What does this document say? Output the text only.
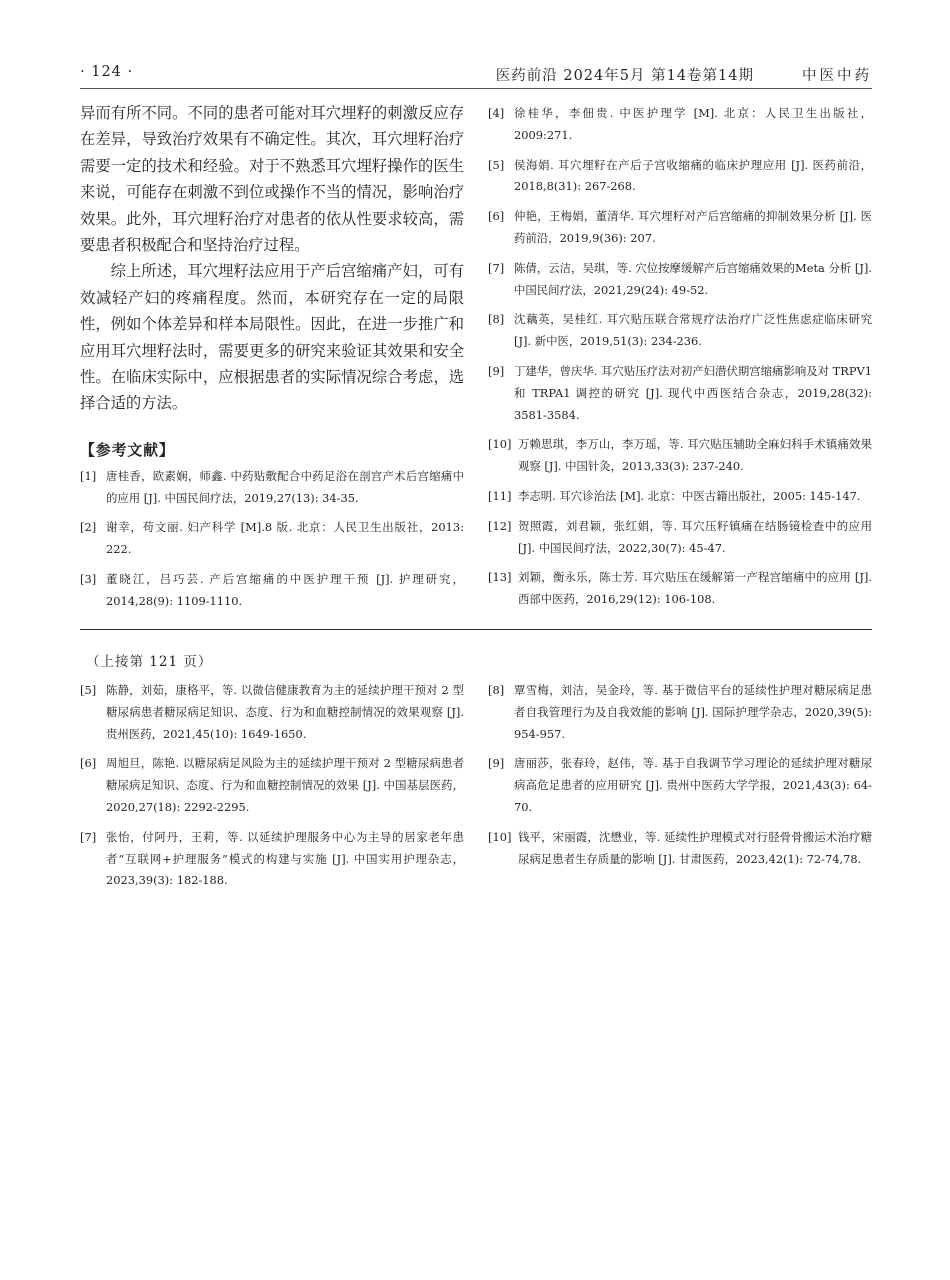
· 124 ·	医药前沿 2024年5月 第14卷第14期	中医中药

异而有所不同。不同的患者可能对耳穴埋籽的刺激反应存在差异，导致治疗效果有不确定性。其次，耳穴埋籽治疗需要一定的技术和经验。对于不熟悉耳穴埋籽操作的医生来说，可能存在刺激不到位或操作不当的情况，影响治疗效果。此外，耳穴埋籽治疗对患者的依从性要求较高，需要患者积极配合和坚持治疗过程。

综上所述，耳穴埋籽法应用于产后宫缩痛产妇，可有效减轻产妇的疼痛程度。然而，本研究存在一定的局限性，例如个体差异和样本局限性。因此，在进一步推广和应用耳穴埋籽法时，需要更多的研究来验证其效果和安全性。在临床实际中，应根据患者的实际情况综合考虑，选择合适的方法。

【参考文献】
[1] 唐桂香，欧素娴，师鑫. 中药贴敷配合中药足浴在剖宫产术后宫缩痛中的应用 [J]. 中国民间疗法，2019,27(13): 34-35.
[2] 谢幸，苟文丽. 妇产科学 [M].8 版. 北京：人民卫生出版社，2013: 222.
[3] 董晓江，吕巧芸. 产后宫缩痛的中医护理干预 [J]. 护理研究，2014,28(9): 1109-1110.
[4] 徐桂华，李佃贵. 中医护理学 [M]. 北京：人民卫生出版社，2009:271.
[5] 侯海娟. 耳穴埋籽在产后子宫收缩痛的临床护理应用 [J]. 医药前沿，2018,8(31): 267-268.
[6] 仲艳，王梅娟，董清华. 耳穴埋籽对产后宫缩痛的抑制效果分析 [J]. 医药前沿，2019,9(36): 207.
[7] 陈倩，云洁，吴琪，等. 穴位按摩缓解产后宫缩痛效果的Meta 分析 [J]. 中国民间疗法，2021,29(24): 49-52.
[8] 沈藕英，吴桂红. 耳穴贴压联合常规疗法治疗广泛性焦虑症临床研究 [J]. 新中医，2019,51(3): 234-236.
[9] 丁建华，曾庆华. 耳穴贴压疗法对初产妇潜伏期宫缩痛影响及对 TRPV1 和 TRPA1 调控的研究 [J]. 现代中西医结合杂志，2019,28(32): 3581-3584.
[10] 万赖思琪，李万山，李万瑶，等. 耳穴贴压辅助全麻妇科手术镇痛效果观察 [J]. 中国针灸，2013,33(3): 237-240.
[11] 李志明. 耳穴诊治法 [M]. 北京：中医古籍出版社，2005: 145-147.
[12] 贺照霞，刘君颖，张红娟，等. 耳穴压籽镇痛在结肠镜检查中的应用 [J]. 中国民间疗法，2022,30(7): 45-47.
[13] 刘颖，衡永乐，陈士芳. 耳穴贴压在缓解第一产程宫缩痛中的应用 [J]. 西部中医药，2016,29(12): 106-108.
（上接第 121 页）
[5] 陈静，刘茹，康格平，等. 以微信健康教育为主的延续护理干预对 2 型糖尿病患者糖尿病足知识、态度、行为和血糖控制情况的效果观察 [J]. 贵州医药，2021,45(10): 1649-1650.
[6] 周旭旦，陈艳. 以糖尿病足风险为主的延续护理干预对 2 型糖尿病患者糖尿病足知识、态度、行为和血糖控制情况的效果 [J]. 中国基层医药，2020,27(18): 2292-2295.
[7] 张怡，付阿丹，王莉，等. 以延续护理服务中心为主导的居家老年患者“互联网+护理服务”模式的构建与实施 [J]. 中国实用护理杂志，2023,39(3): 182-188.
[8] 覃雪梅，刘洁，吴金玲，等. 基于微信平台的延续性护理对糖尿病足患者自我管理行为及自我效能的影响 [J]. 国际护理学杂志，2020,39(5): 954-957.
[9] 唐丽莎，张春玲，赵伟，等. 基于自我调节学习理论的延续护理对糖尿病高危足患者的应用研究 [J]. 贵州中医药大学学报，2021,43(3): 64-70.
[10] 钱平，宋丽霞，沈懋业，等. 延续性护理模式对行胫骨骨搬运术治疗糖尿病足患者生存质量的影响 [J]. 甘肃医药，2023,42(1): 72-74,78.
